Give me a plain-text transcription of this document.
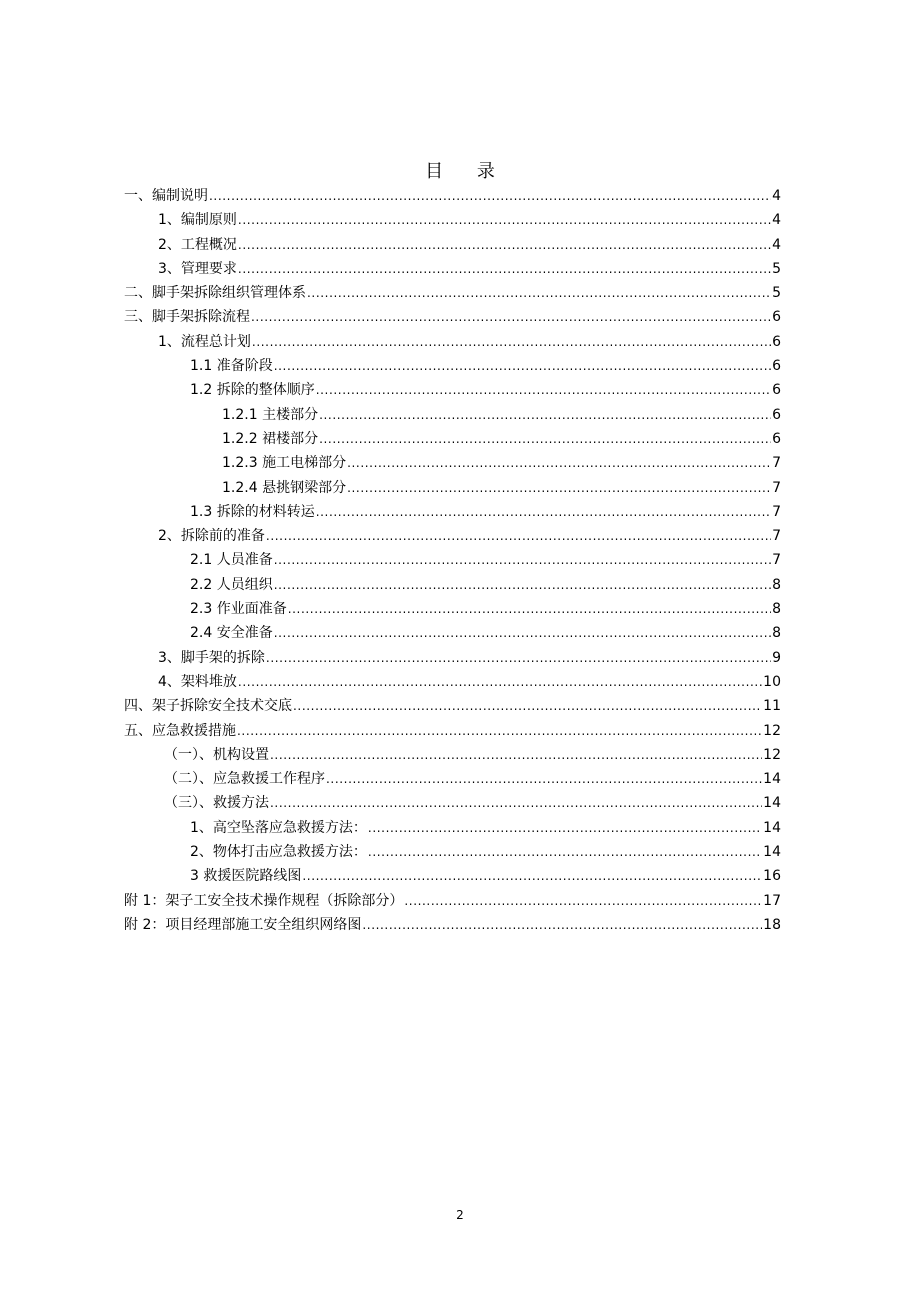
目 录
一、编制说明 .....	4
1、编制原则 .....	4
2、工程概况 .....	4
3、管理要求 .....	5
二、脚手架拆除组织管理体系 .....	5
三、脚手架拆除流程 .....	6
1、流程总计划 .....	6
1.1 准备阶段 .....	6
1.2 拆除的整体顺序 .....	6
1.2.1 主楼部分 .....	6
1.2.2 裙楼部分 .....	6
1.2.3 施工电梯部分 .....	7
1.2.4 悬挑钢梁部分 .....	7
1.3 拆除的材料转运 .....	7
2、拆除前的准备 .....	7
2.1 人员准备 .....	7
2.2 人员组织 .....	8
2.3 作业面准备 .....	8
2.4 安全准备 .....	8
3、脚手架的拆除 .....	9
4、架料堆放 .....	10
四、架子拆除安全技术交底 .....	11
五、应急救援措施 .....	12
（一）、机构设置 .....	12
（二）、应急救援工作程序 .....	14
（三）、救援方法 .....	14
1、高空坠落应急救援方法： .....	14
2、物体打击应急救援方法： .....	14
3 救援医院路线图 .....	16
附 1：架子工安全技术操作规程（拆除部分） .....	17
附 2：项目经理部施工安全组织网络图 .....	18
2
